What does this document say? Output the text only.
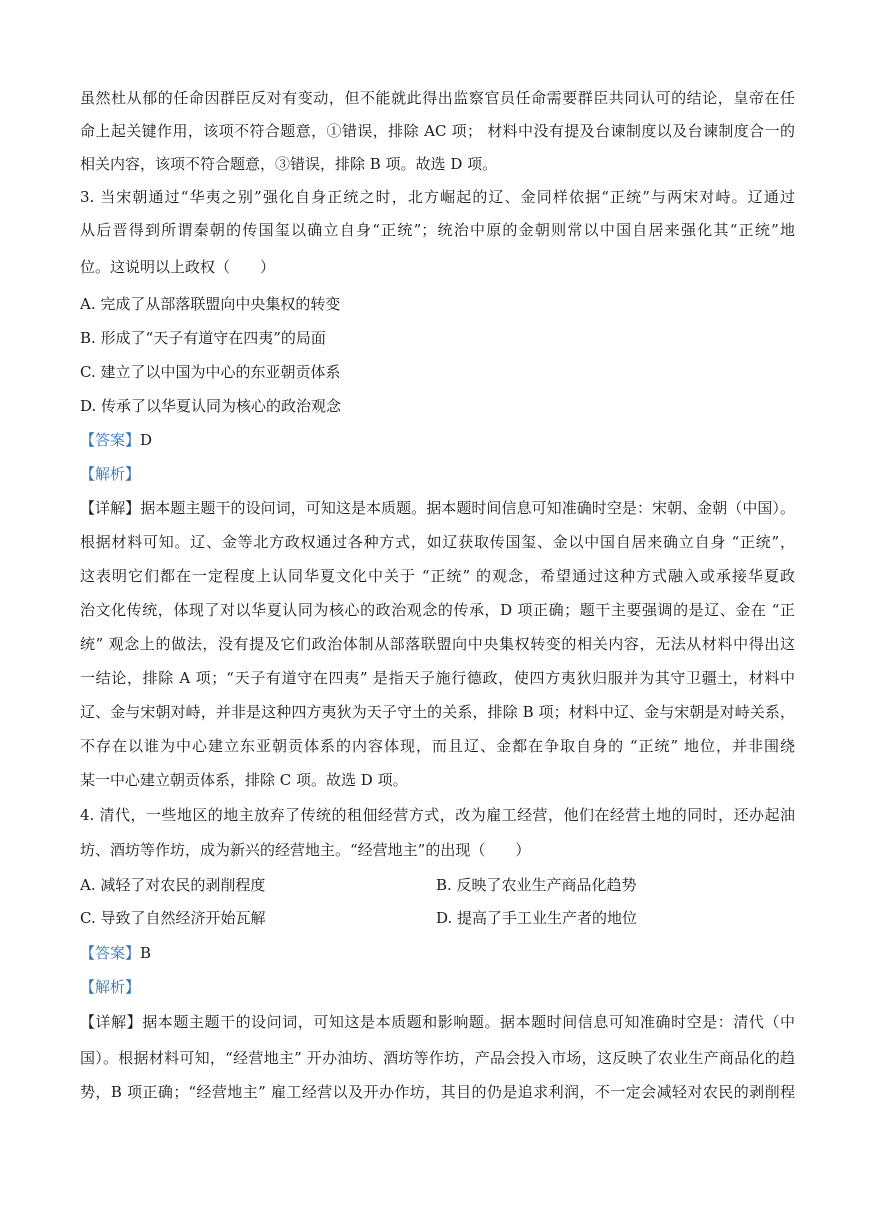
虽然杜从郁的任命因群臣反对有变动，但不能就此得出监察官员任命需要群臣共同认可的结论，皇帝在任
命上起关键作用，该项不符合题意，①错误，排除 AC 项； 材料中没有提及台谏制度以及台谏制度合一的
相关内容，该项不符合题意，③错误，排除 B 项。故选 D 项。
3. 当宋朝通过“华夷之别”强化自身正统之时，北方崛起的辽、金同样依据“正统”与两宋对峙。辽通过
从后晋得到所谓秦朝的传国玺以确立自身“正统”；统治中原的金朝则常以中国自居来强化其“正统”地
位。这说明以上政权（　　）
A. 完成了从部落联盟向中央集权的转变
B. 形成了“天子有道守在四夷”的局面
C. 建立了以中国为中心的东亚朝贡体系
D. 传承了以华夏认同为核心的政治观念
【答案】D
【解析】
【详解】据本题主题干的设问词，可知这是本质题。据本题时间信息可知准确时空是：宋朝、金朝（中国）。
根据材料可知。辽、金等北方政权通过各种方式，如辽获取传国玺、金以中国自居来确立自身 “正统”，
这表明它们都在一定程度上认同华夏文化中关于 “正统” 的观念，希望通过这种方式融入或承接华夏政
治文化传统，体现了对以华夏认同为核心的政治观念的传承，D 项正确；题干主要强调的是辽、金在 “正
统” 观念上的做法，没有提及它们政治体制从部落联盟向中央集权转变的相关内容，无法从材料中得出这
一结论，排除 A 项；“天子有道守在四夷” 是指天子施行德政，使四方夷狄归服并为其守卫疆土，材料中
辽、金与宋朝对峙，并非是这种四方夷狄为天子守土的关系，排除 B 项；材料中辽、金与宋朝是对峙关系，
不存在以谁为中心建立东亚朝贡体系的内容体现，而且辽、金都在争取自身的 “正统” 地位，并非围绕
某一中心建立朝贡体系，排除 C 项。故选 D 项。
4. 清代，一些地区的地主放弃了传统的租佃经营方式，改为雇工经营，他们在经营土地的同时，还办起油
坊、酒坊等作坊，成为新兴的经营地主。“经营地主”的出现（　　）
A. 减轻了对农民的剥削程度	B. 反映了农业生产商品化趋势
C. 导致了自然经济开始瓦解	D. 提高了手工业生产者的地位
【答案】B
【解析】
【详解】据本题主题干的设问词，可知这是本质题和影响题。据本题时间信息可知准确时空是：清代（中
国）。根据材料可知，“经营地主” 开办油坊、酒坊等作坊，产品会投入市场，这反映了农业生产商品化的趋
势，B 项正确；“经营地主” 雇工经营以及开办作坊，其目的仍是追求利润，不一定会减轻对农民的剥削程
